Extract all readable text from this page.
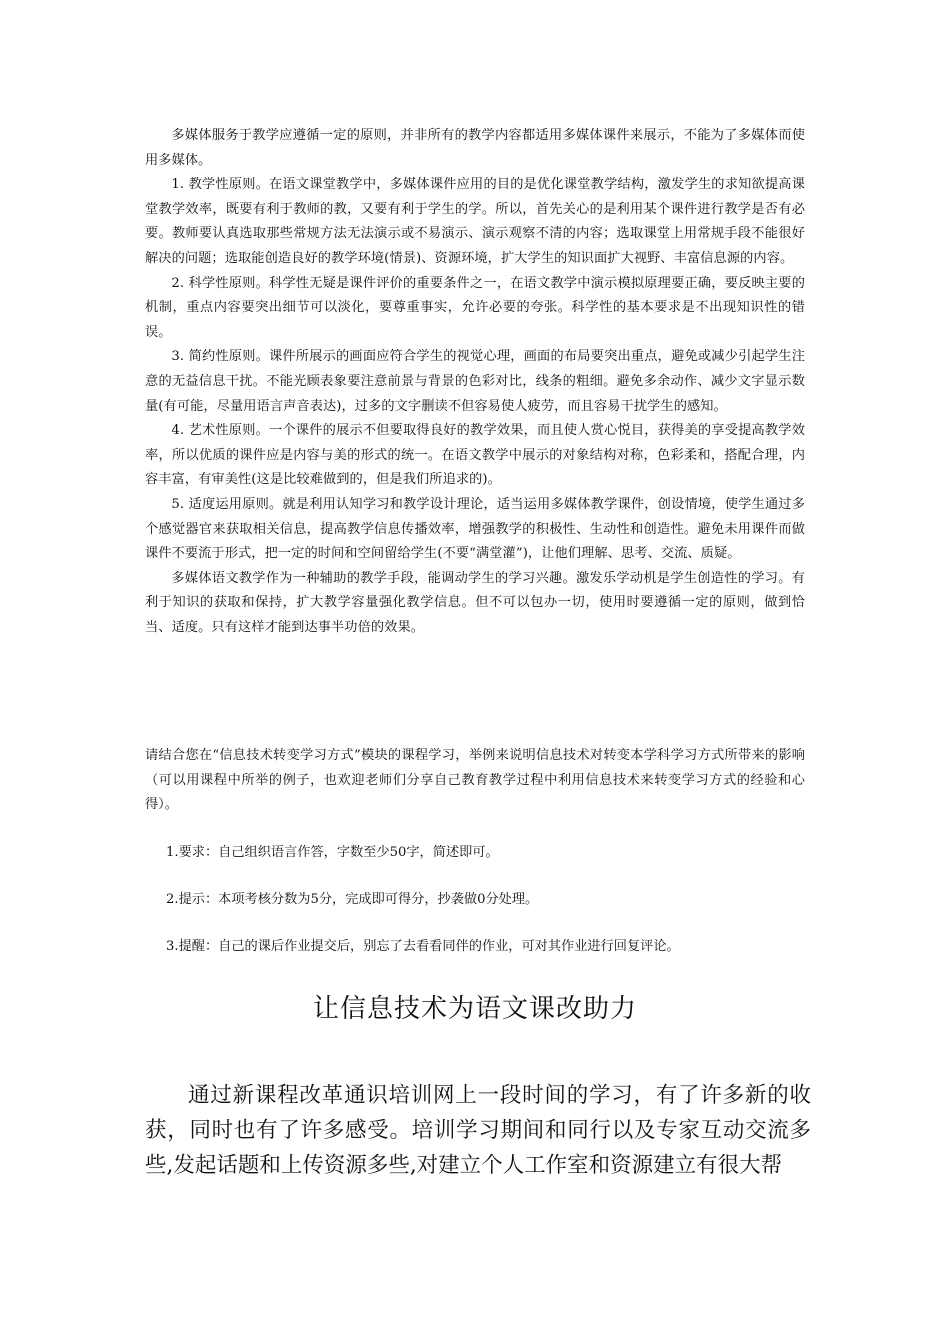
多媒体服务于教学应遵循一定的原则，并非所有的教学内容都适用多媒体课件来展示，不能为了多媒体而使用多媒体。

1. 教学性原则。在语文课堂教学中，多媒体课件应用的目的是优化课堂教学结构，激发学生的求知欲提高课堂教学效率，既要有利于教师的教，又要有利于学生的学。所以，首先关心的是利用某个课件进行教学是否有必要。教师要认真选取那些常规方法无法演示或不易演示、演示观察不清的内容；选取课堂上用常规手段不能很好解决的问题；选取能创造良好的教学环境(情景)、资源环境，扩大学生的知识面扩大视野、丰富信息源的内容。

2. 科学性原则。科学性无疑是课件评价的重要条件之一，在语文教学中演示模拟原理要正确，要反映主要的机制，重点内容要突出细节可以淡化，要尊重事实，允许必要的夸张。科学性的基本要求是不出现知识性的错误。

3. 简约性原则。课件所展示的画面应符合学生的视觉心理，画面的布局要突出重点，避免或减少引起学生注意的无益信息干扰。不能光顾表象要注意前景与背景的色彩对比，线条的粗细。避免多余动作、减少文字显示数量(有可能，尽量用语言声音表达)，过多的文字删读不但容易使人疲劳，而且容易干扰学生的感知。

4. 艺术性原则。一个课件的展示不但要取得良好的教学效果，而且使人赏心悦目，获得美的享受提高教学效率，所以优质的课件应是内容与美的形式的统一。在语文教学中展示的对象结构对称，色彩柔和，搭配合理，内容丰富，有审美性(这是比较难做到的，但是我们所追求的)。

5. 适度运用原则。就是利用认知学习和教学设计理论，适当运用多媒体教学课件，创设情境，使学生通过多个感觉器官来获取相关信息，提高教学信息传播效率，增强教学的积极性、生动性和创造性。避免未用课件而做课件不要流于形式，把一定的时间和空间留给学生(不要“满堂灌”)，让他们理解、思考、交流、质疑。

多媒体语文教学作为一种辅助的教学手段，能调动学生的学习兴趣。激发乐学动机是学生创造性的学习。有利于知识的获取和保持，扩大教学容量强化教学信息。但不可以包办一切，使用时要遵循一定的原则，做到恰当、适度。只有这样才能到达事半功倍的效果。

请结合您在“信息技术转变学习方式”模块的课程学习，举例来说明信息技术对转变本学科学习方式所带来的影响（可以用课程中所举的例子，也欢迎老师们分享自己教育教学过程中利用信息技术来转变学习方式的经验和心得）。

1.要求：自己组织语言作答，字数至少50字，简述即可。

2.提示：本项考核分数为5分，完成即可得分，抄袭做0分处理。

3.提醒：自己的课后作业提交后，别忘了去看看同伴的作业，可对其作业进行回复评论。

让信息技术为语文课改助力

通过新课程改革通识培训网上一段时间的学习，有了许多新的收获，同时也有了许多感受。培训学习期间和同行以及专家互动交流多些,发起话题和上传资源多些,对建立个人工作室和资源建立有很大帮
